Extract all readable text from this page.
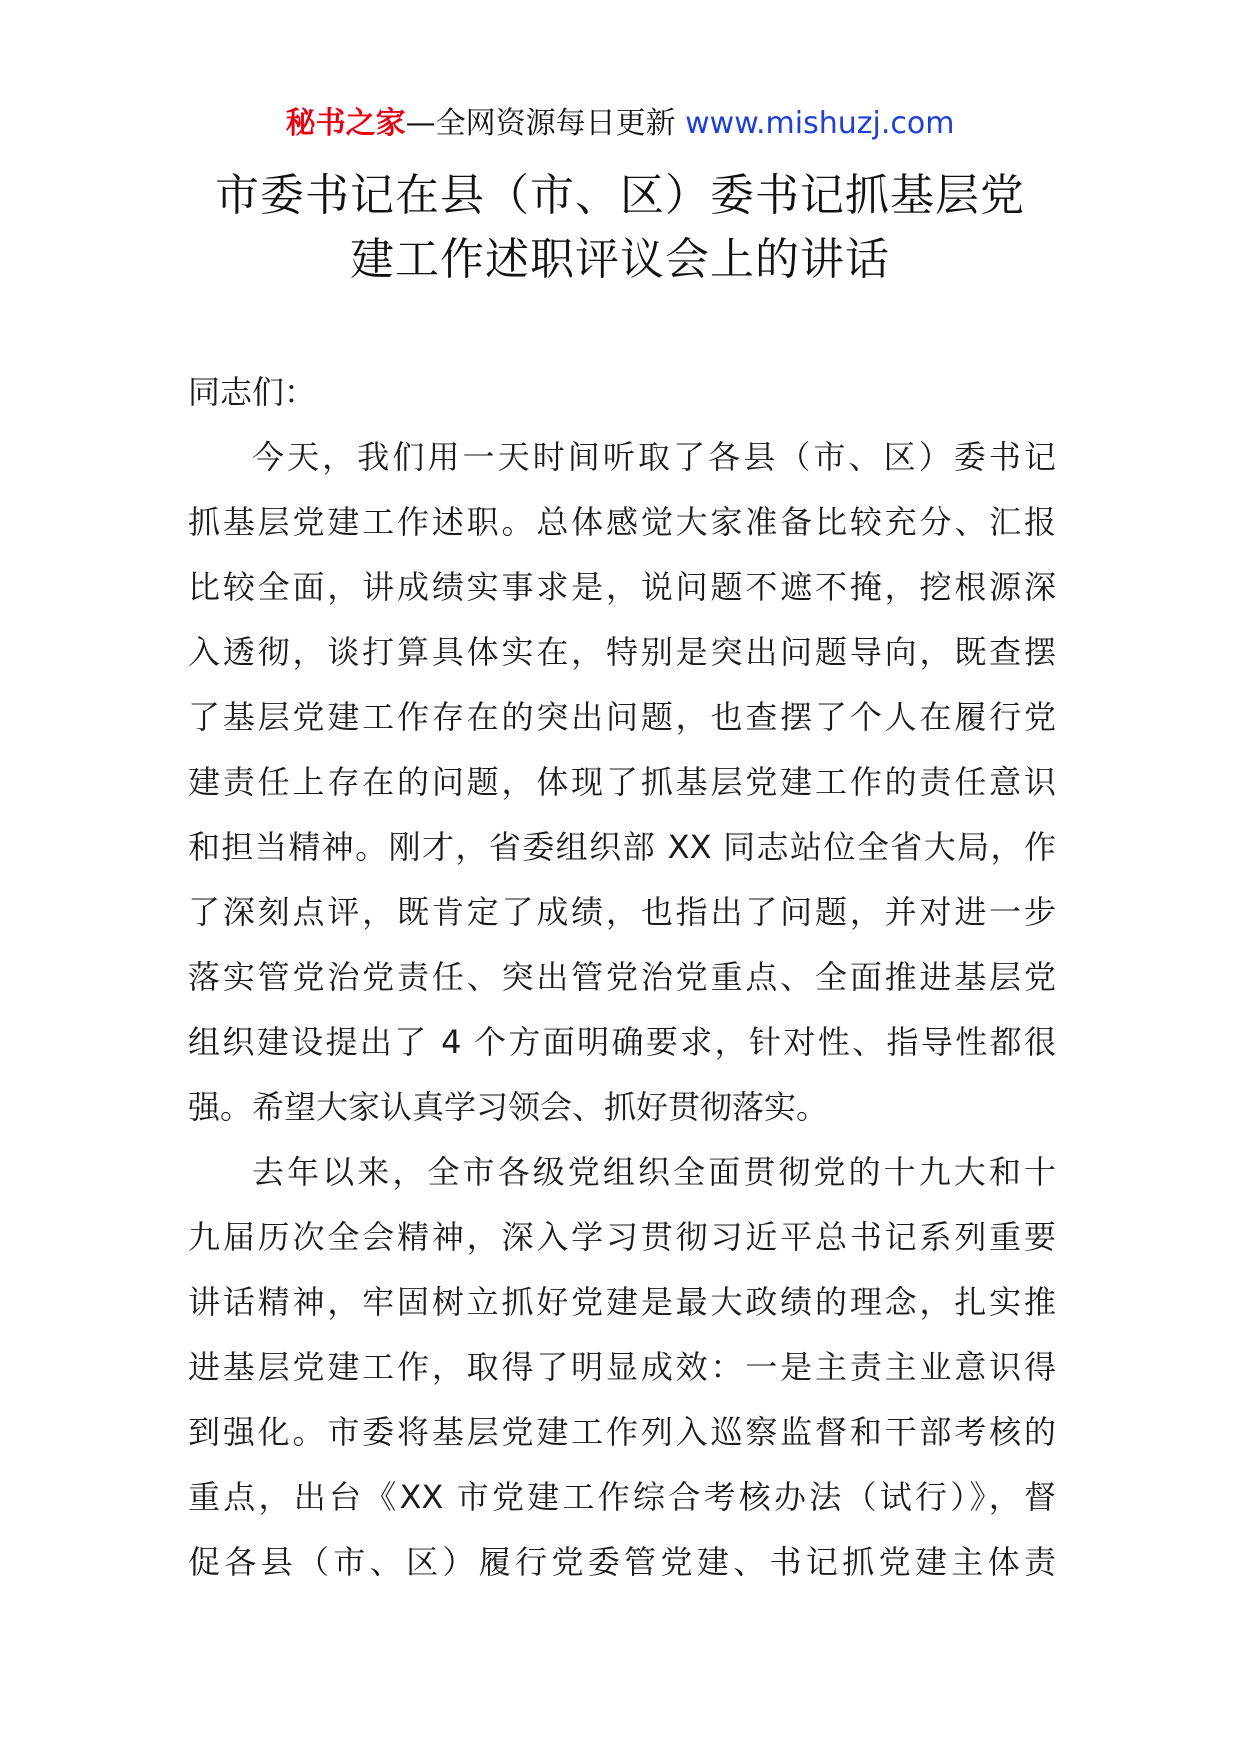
秘书之家—全网资源每日更新 www.mishuzj.com
市委书记在县（市、区）委书记抓基层党
建工作述职评议会上的讲话

同志们：

今天，我们用一天时间听取了各县（市、区）委书记
抓基层党建工作述职。总体感觉大家准备比较充分、汇报
比较全面，讲成绩实事求是，说问题不遮不掩，挖根源深
入透彻，谈打算具体实在，特别是突出问题导向，既查摆
了基层党建工作存在的突出问题，也查摆了个人在履行党
建责任上存在的问题，体现了抓基层党建工作的责任意识
和担当精神。刚才，省委组织部 XX 同志站位全省大局，作
了深刻点评，既肯定了成绩，也指出了问题，并对进一步
落实管党治党责任、突出管党治党重点、全面推进基层党
组织建设提出了 4 个方面明确要求，针对性、指导性都很
强。希望大家认真学习领会、抓好贯彻落实。

去年以来，全市各级党组织全面贯彻党的十九大和十
九届历次全会精神，深入学习贯彻习近平总书记系列重要
讲话精神，牢固树立抓好党建是最大政绩的理念，扎实推
进基层党建工作，取得了明显成效：一是主责主业意识得
到强化。市委将基层党建工作列入巡察监督和干部考核的
重点，出台《XX 市党建工作综合考核办法（试行）》，督
促各县（市、区）履行党委管党建、书记抓党建主体责
